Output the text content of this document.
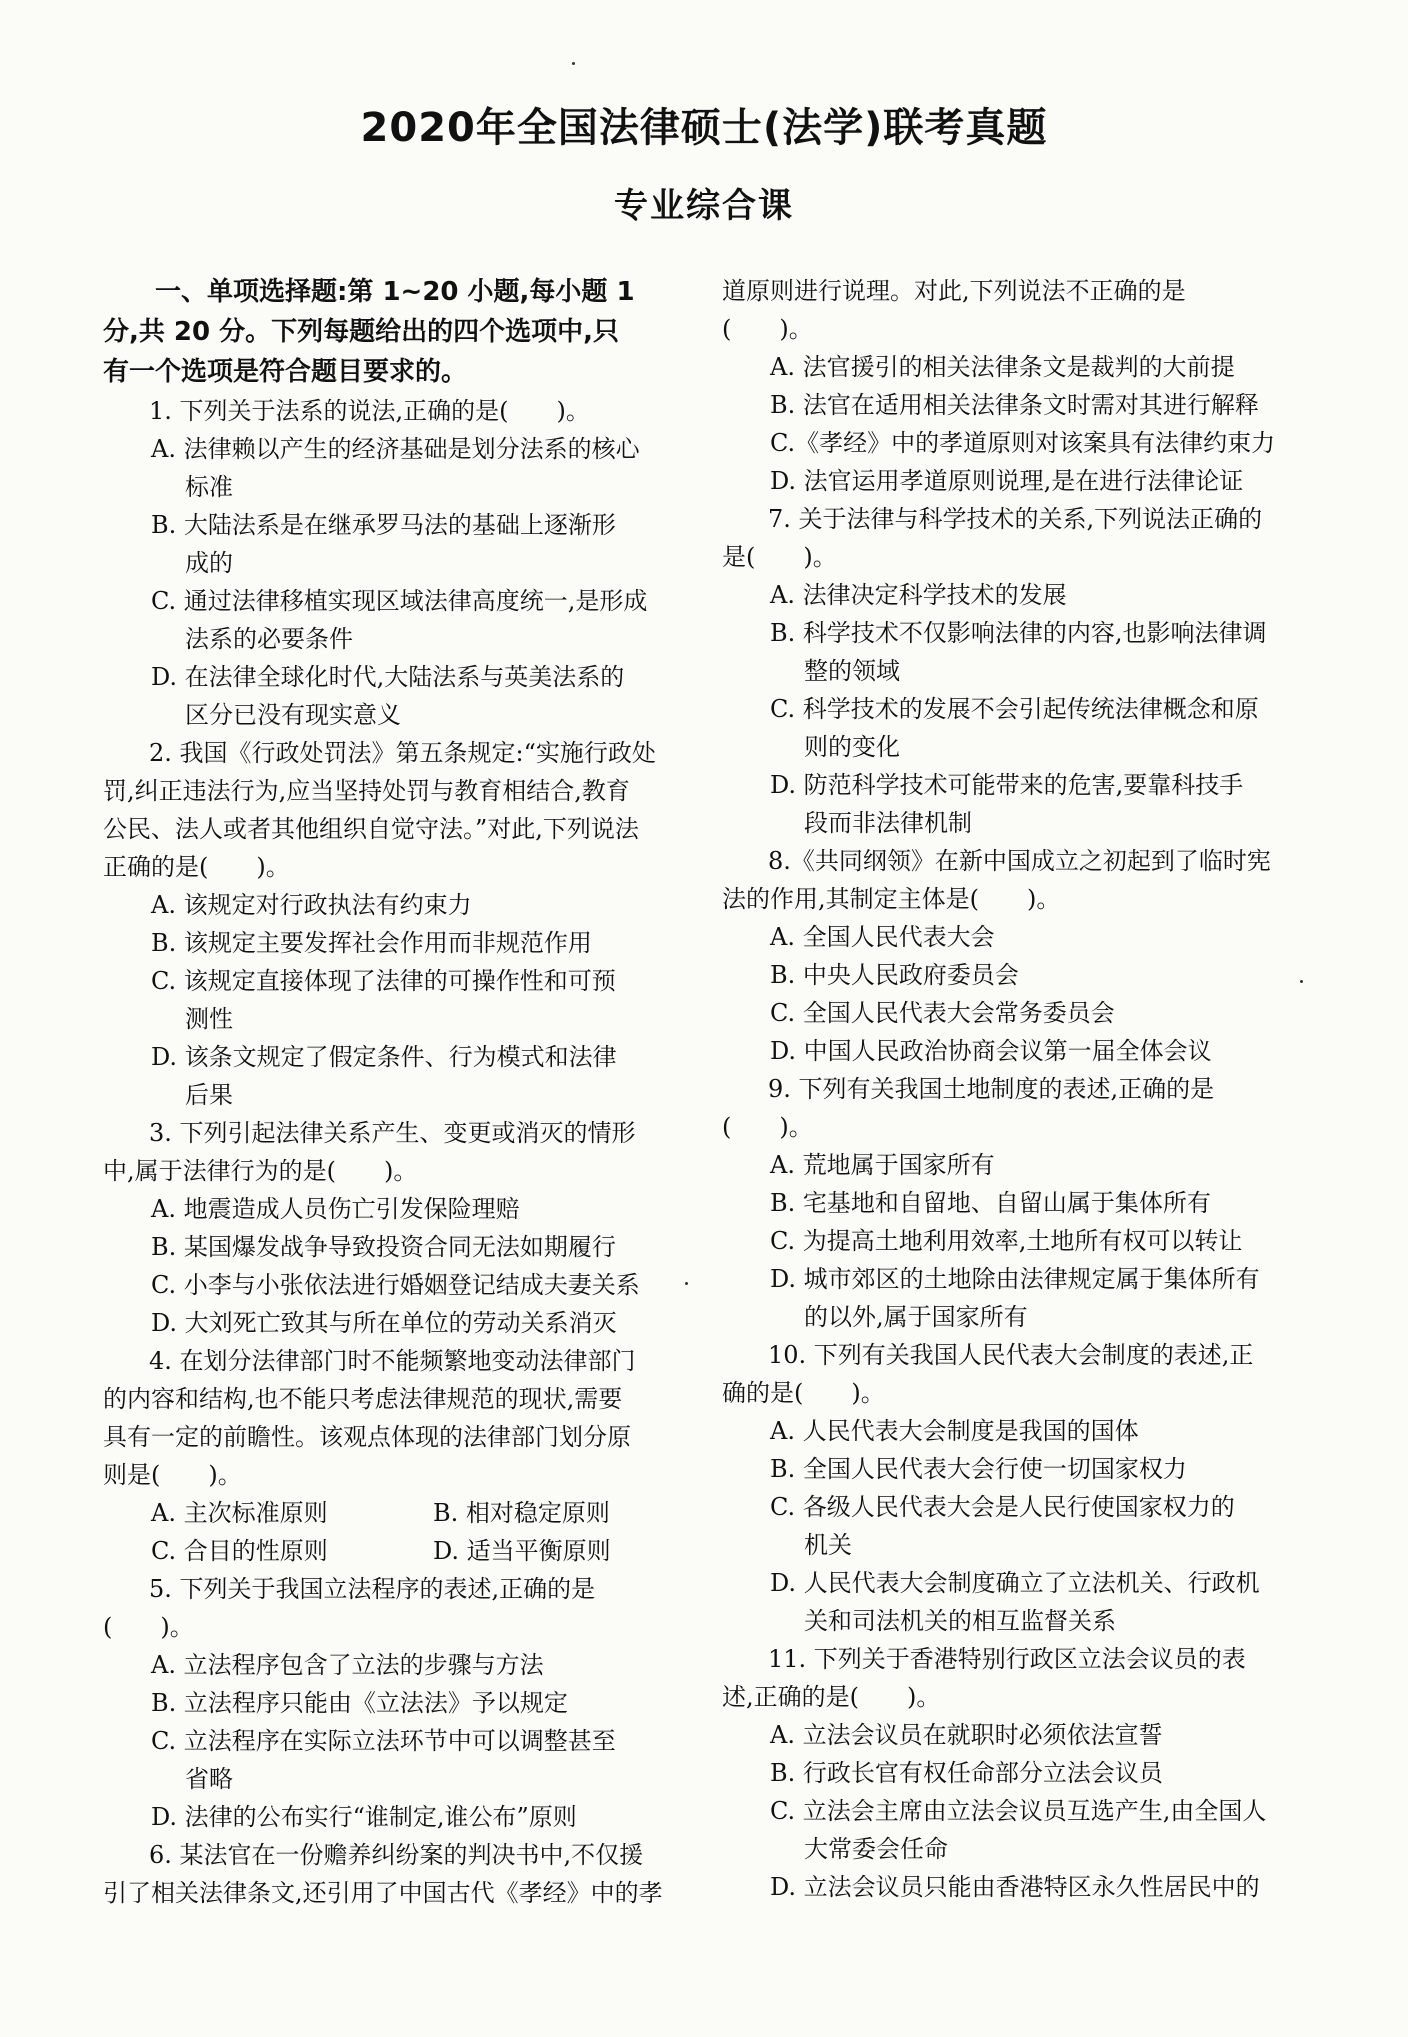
2020年全国法律硕士(法学)联考真题
专业综合课

一、单项选择题:第 1~20 小题,每小题 1

分,共 20 分。下列每题给出的四个选项中,只

有一个选项是符合题目要求的。

1. 下列关于法系的说法,正确的是(　　)。

A. 法律赖以产生的经济基础是划分法系的核心

标准

B. 大陆法系是在继承罗马法的基础上逐渐形

成的

C. 通过法律移植实现区域法律高度统一,是形成

法系的必要条件

D. 在法律全球化时代,大陆法系与英美法系的

区分已没有现实意义

2. 我国《行政处罚法》第五条规定:“实施行政处

罚,纠正违法行为,应当坚持处罚与教育相结合,教育

公民、法人或者其他组织自觉守法。”对此,下列说法

正确的是(　　)。

A. 该规定对行政执法有约束力

B. 该规定主要发挥社会作用而非规范作用

C. 该规定直接体现了法律的可操作性和可预

测性

D. 该条文规定了假定条件、行为模式和法律

后果

3. 下列引起法律关系产生、变更或消灭的情形

中,属于法律行为的是(　　)。

A. 地震造成人员伤亡引发保险理赔

B. 某国爆发战争导致投资合同无法如期履行

C. 小李与小张依法进行婚姻登记结成夫妻关系

D. 大刘死亡致其与所在单位的劳动关系消灭

4. 在划分法律部门时不能频繁地变动法律部门

的内容和结构,也不能只考虑法律规范的现状,需要

具有一定的前瞻性。该观点体现的法律部门划分原

则是(　　)。

A. 主次标准原则	B. 相对稳定原则
C. 合目的性原则	D. 适当平衡原则

5. 下列关于我国立法程序的表述,正确的是

(　　)。

A. 立法程序包含了立法的步骤与方法

B. 立法程序只能由《立法法》予以规定

C. 立法程序在实际立法环节中可以调整甚至

省略

D. 法律的公布实行“谁制定,谁公布”原则

6. 某法官在一份赡养纠纷案的判决书中,不仅援

引了相关法律条文,还引用了中国古代《孝经》中的孝

道原则进行说理。对此,下列说法不正确的是

(　　)。

A. 法官援引的相关法律条文是裁判的大前提

B. 法官在适用相关法律条文时需对其进行解释

C.《孝经》中的孝道原则对该案具有法律约束力

D. 法官运用孝道原则说理,是在进行法律论证

7. 关于法律与科学技术的关系,下列说法正确的

是(　　)。

A. 法律决定科学技术的发展

B. 科学技术不仅影响法律的内容,也影响法律调

整的领域

C. 科学技术的发展不会引起传统法律概念和原

则的变化

D. 防范科学技术可能带来的危害,要靠科技手

段而非法律机制

8.《共同纲领》在新中国成立之初起到了临时宪

法的作用,其制定主体是(　　)。

A. 全国人民代表大会

B. 中央人民政府委员会

C. 全国人民代表大会常务委员会

D. 中国人民政治协商会议第一届全体会议

9. 下列有关我国土地制度的表述,正确的是

(　　)。

A. 荒地属于国家所有

B. 宅基地和自留地、自留山属于集体所有

C. 为提高土地利用效率,土地所有权可以转让

D. 城市郊区的土地除由法律规定属于集体所有

的以外,属于国家所有

10. 下列有关我国人民代表大会制度的表述,正

确的是(　　)。

A. 人民代表大会制度是我国的国体

B. 全国人民代表大会行使一切国家权力

C. 各级人民代表大会是人民行使国家权力的

机关

D. 人民代表大会制度确立了立法机关、行政机

关和司法机关的相互监督关系

11. 下列关于香港特别行政区立法会议员的表

述,正确的是(　　)。

A. 立法会议员在就职时必须依法宣誓

B. 行政长官有权任命部分立法会议员

C. 立法会主席由立法会议员互选产生,由全国人

大常委会任命

D. 立法会议员只能由香港特区永久性居民中的
